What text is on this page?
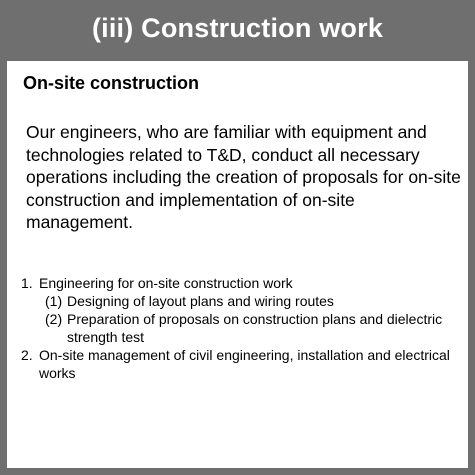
(iii) Construction work
On-site construction
Our engineers, who are familiar with equipment and technologies related to T&D, conduct all necessary operations including the creation of proposals for on-site construction and implementation of on-site management.
1. Engineering for on-site construction work
(1) Designing of layout plans and wiring routes
(2) Preparation of proposals on construction plans and dielectric strength test
2. On-site management of civil engineering, installation and electrical works
